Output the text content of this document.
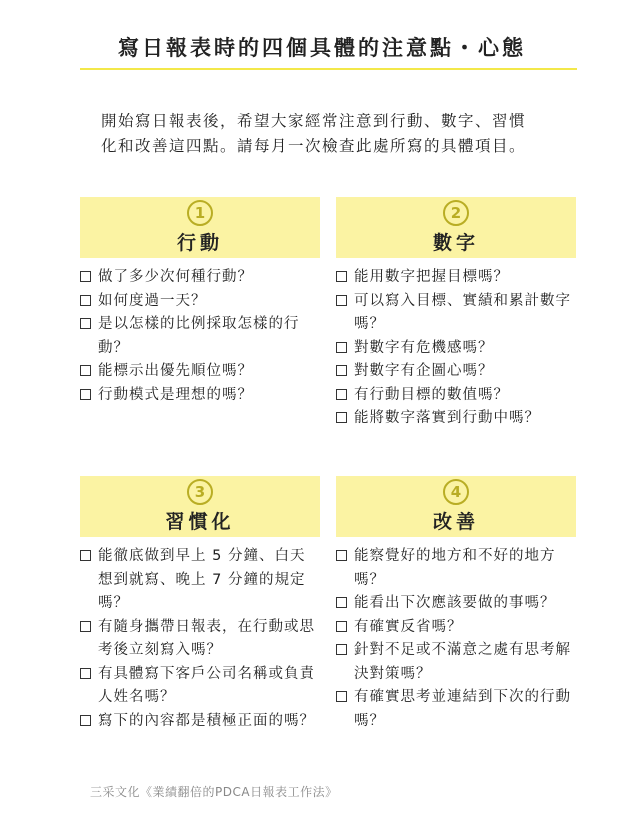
寫日報表時的四個具體的注意點・心態

開始寫日報表後，希望大家經常注意到行動、數字、習慣

化和改善這四點。請每月一次檢查此處所寫的具體項目。

1
行動
做了多少次何種行動？
如何度過一天？
是以怎樣的比例採取怎樣的行動？
能標示出優先順位嗎？
行動模式是理想的嗎？
2
數字
能用數字把握目標嗎？
可以寫入目標、實績和累計數字嗎？
對數字有危機感嗎？
對數字有企圖心嗎？
有行動目標的數值嗎？
能將數字落實到行動中嗎？
3
習慣化
能徹底做到早上 5 分鐘、白天想到就寫、晚上 7 分鐘的規定嗎？
有隨身攜帶日報表，在行動或思考後立刻寫入嗎？
有具體寫下客戶公司名稱或負責人姓名嗎？
寫下的內容都是積極正面的嗎？
4
改善
能察覺好的地方和不好的地方嗎？
能看出下次應該要做的事嗎？
有確實反省嗎？
針對不足或不滿意之處有思考解決對策嗎？
有確實思考並連結到下次的行動嗎？
三采文化《業績翻倍的PDCA日報表工作法》
